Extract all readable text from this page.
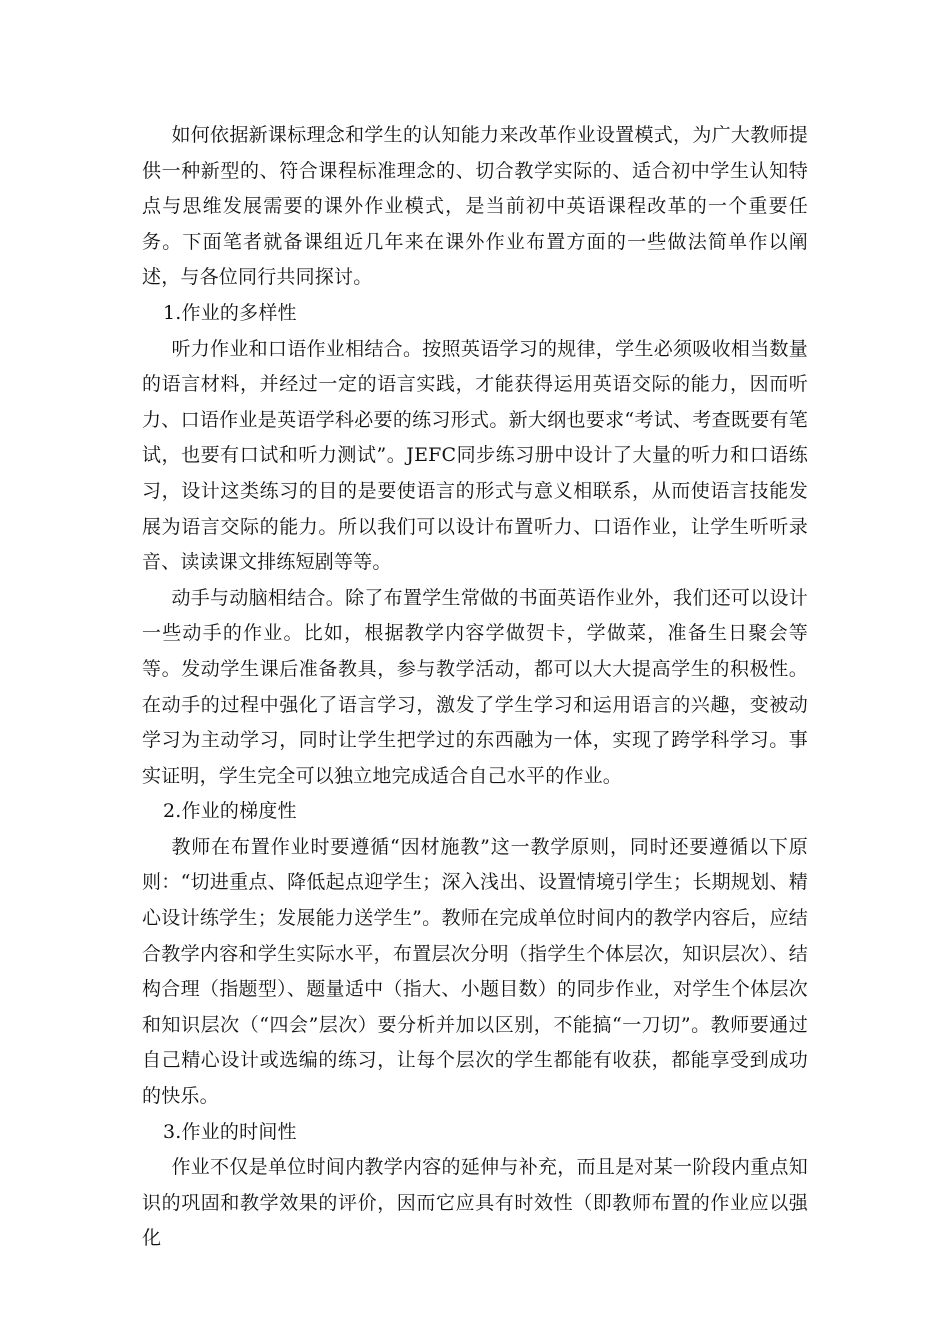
如何依据新课标理念和学生的认知能力来改革作业设置模式，为广大教师提供一种新型的、符合课程标准理念的、切合教学实际的、适合初中学生认知特点与思维发展需要的课外作业模式，是当前初中英语课程改革的一个重要任务。下面笔者就备课组近几年来在课外作业布置方面的一些做法简单作以阐述，与各位同行共同探讨。

1.作业的多样性

听力作业和口语作业相结合。按照英语学习的规律，学生必须吸收相当数量的语言材料，并经过一定的语言实践，才能获得运用英语交际的能力，因而听力、口语作业是英语学科必要的练习形式。新大纲也要求“考试、考查既要有笔试，也要有口试和听力测试”。JEFC同步练习册中设计了大量的听力和口语练习，设计这类练习的目的是要使语言的形式与意义相联系，从而使语言技能发展为语言交际的能力。所以我们可以设计布置听力、口语作业，让学生听听录音、读读课文排练短剧等等。

动手与动脑相结合。除了布置学生常做的书面英语作业外，我们还可以设计一些动手的作业。比如，根据教学内容学做贺卡，学做菜，准备生日聚会等等。发动学生课后准备教具，参与教学活动，都可以大大提高学生的积极性。在动手的过程中强化了语言学习，激发了学生学习和运用语言的兴趣，变被动学习为主动学习，同时让学生把学过的东西融为一体，实现了跨学科学习。事实证明，学生完全可以独立地完成适合自己水平的作业。

2.作业的梯度性

教师在布置作业时要遵循“因材施教”这一教学原则，同时还要遵循以下原则：“切进重点、降低起点迎学生；深入浅出、设置情境引学生；长期规划、精心设计练学生；发展能力送学生”。教师在完成单位时间内的教学内容后，应结合教学内容和学生实际水平，布置层次分明（指学生个体层次，知识层次）、结构合理（指题型）、题量适中（指大、小题目数）的同步作业，对学生个体层次和知识层次（“四会”层次）要分析并加以区别，不能搞“一刀切”。教师要通过自己精心设计或选编的练习，让每个层次的学生都能有收获，都能享受到成功的快乐。

3.作业的时间性

作业不仅是单位时间内教学内容的延伸与补充，而且是对某一阶段内重点知识的巩固和教学效果的评价，因而它应具有时效性（即教师布置的作业应以强化
